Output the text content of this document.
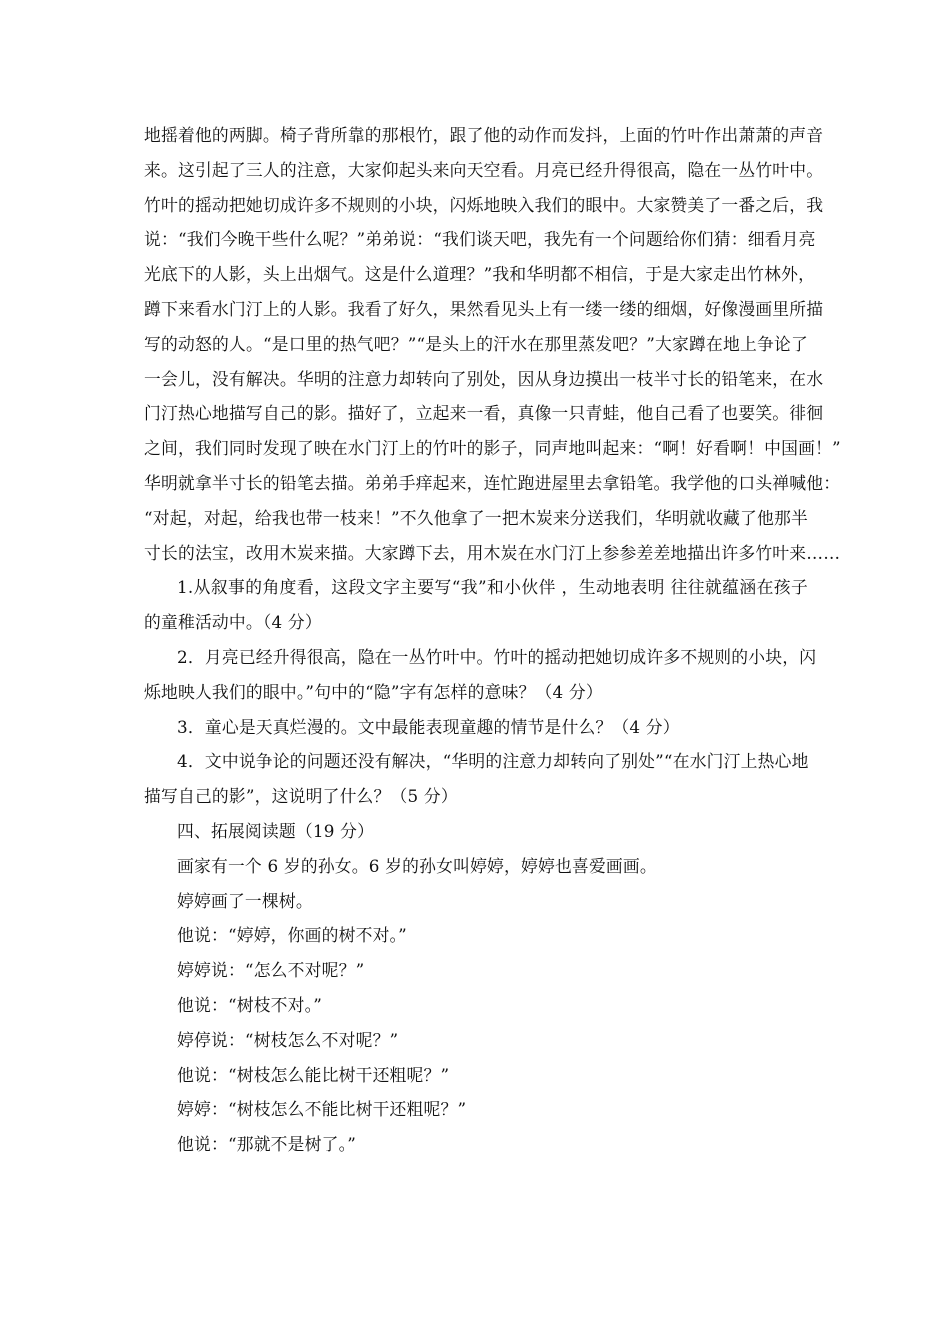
地摇着他的两脚。椅子背所靠的那根竹，跟了他的动作而发抖，上面的竹叶作出萧萧的声音
来。这引起了三人的注意，大家仰起头来向天空看。月亮已经升得很高，隐在一丛竹叶中。
竹叶的摇动把她切成许多不规则的小块，闪烁地映入我们的眼中。大家赞美了一番之后，我
说：“我们今晚干些什么呢？”弟弟说：“我们谈天吧，我先有一个问题给你们猜：细看月亮
光底下的人影，头上出烟气。这是什么道理？”我和华明都不相信，于是大家走出竹林外，
蹲下来看水门汀上的人影。我看了好久，果然看见头上有一缕一缕的细烟，好像漫画里所描
写的动怒的人。“是口里的热气吧？”“是头上的汗水在那里蒸发吧？”大家蹲在地上争论了
一会儿，没有解决。华明的注意力却转向了别处，因从身边摸出一枝半寸长的铅笔来，在水
门汀热心地描写自己的影。描好了，立起来一看，真像一只青蛙，他自己看了也要笑。徘徊
之间，我们同时发现了映在水门汀上的竹叶的影子，同声地叫起来：“啊！好看啊！中国画！”
华明就拿半寸长的铅笔去描。弟弟手痒起来，连忙跑进屋里去拿铅笔。我学他的口头禅喊他：
“对起，对起，给我也带一枝来！”不久他拿了一把木炭来分送我们，华明就收藏了他那半
寸长的法宝，改用木炭来描。大家蹲下去，用木炭在水门汀上参参差差地描出许多竹叶来……
1.从叙事的角度看，这段文字主要写“我”和小伙伴 ，生动地表明 往往就蕴涵在孩子
的童稚活动中。（4 分）
2．月亮已经升得很高，隐在一丛竹叶中。竹叶的摇动把她切成许多不规则的小块，闪
烁地映人我们的眼中。”句中的“隐”字有怎样的意味？（4 分）
3．童心是天真烂漫的。文中最能表现童趣的情节是什么？（4 分）
4．文中说争论的问题还没有解决，“华明的注意力却转向了别处”“在水门汀上热心地
描写自己的影”，这说明了什么？（5 分）
四、拓展阅读题（19 分）
画家有一个 6 岁的孙女。6 岁的孙女叫婷婷，婷婷也喜爱画画。
婷婷画了一棵树。
他说：“婷婷，你画的树不对。”
婷婷说：“怎么不对呢？”
他说：“树枝不对。”
婷停说：“树枝怎么不对呢？”
他说：“树枝怎么能比树干还粗呢？”
婷婷：“树枝怎么不能比树干还粗呢？”
他说：“那就不是树了。”
